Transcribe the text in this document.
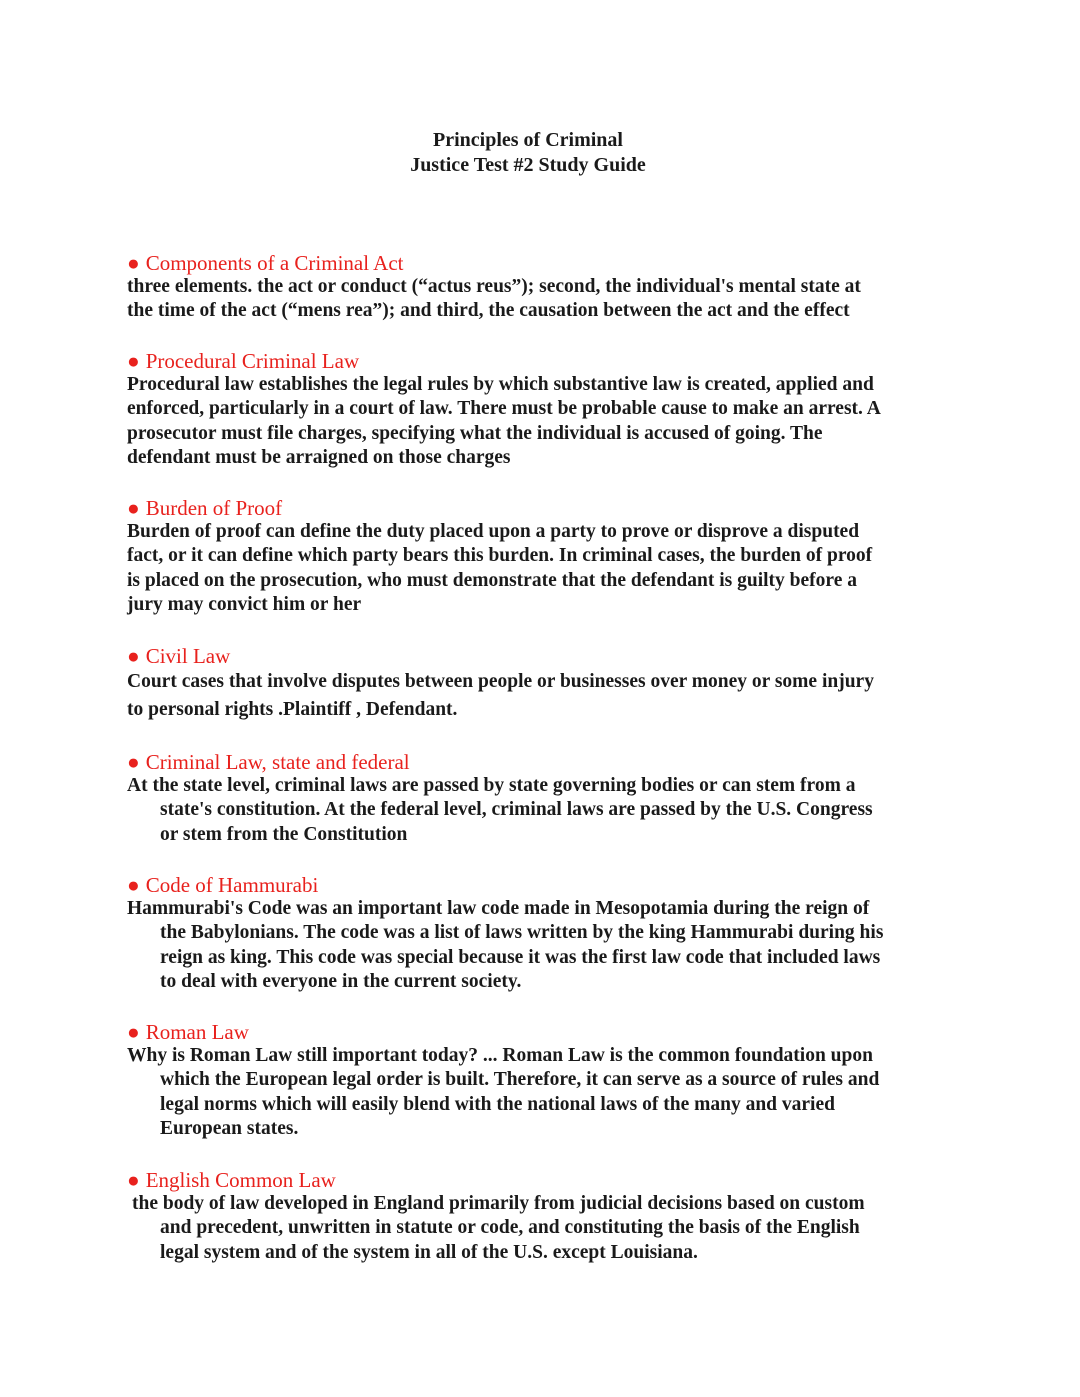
Principles of Criminal
Justice Test #2 Study Guide

● Components of a Criminal Act

three elements. the act or conduct (“actus reus”); second, the individual's mental state at
the time of the act (“mens rea”); and third, the causation between the act and the effect

● Procedural Criminal Law

Procedural law establishes the legal rules by which substantive law is created, applied and
enforced, particularly in a court of law. There must be probable cause to make an arrest. A
prosecutor must file charges, specifying what the individual is accused of going. The
defendant must be arraigned on those charges

● Burden of Proof

Burden of proof can define the duty placed upon a party to prove or disprove a disputed
fact, or it can define which party bears this burden. In criminal cases, the burden of proof
is placed on the prosecution, who must demonstrate that the defendant is guilty before a
jury may convict him or her

● Civil Law

Court cases that involve disputes between people or businesses over money or some injury
to personal rights .Plaintiff , Defendant.

● Criminal Law, state and federal

At the state level, criminal laws are passed by state governing bodies or can stem from a
state's constitution. At the federal level, criminal laws are passed by the U.S. Congress
or stem from the Constitution

● Code of Hammurabi

Hammurabi's Code was an important law code made in Mesopotamia during the reign of
the Babylonians. The code was a list of laws written by the king Hammurabi during his
reign as king. This code was special because it was the first law code that included laws
to deal with everyone in the current society.

● Roman Law

Why is Roman Law still important today? ... Roman Law is the common foundation upon
which the European legal order is built. Therefore, it can serve as a source of rules and
legal norms which will easily blend with the national laws of the many and varied
European states.

● English Common Law

the body of law developed in England primarily from judicial decisions based on custom
and precedent, unwritten in statute or code, and constituting the basis of the English
legal system and of the system in all of the U.S. except Louisiana.
